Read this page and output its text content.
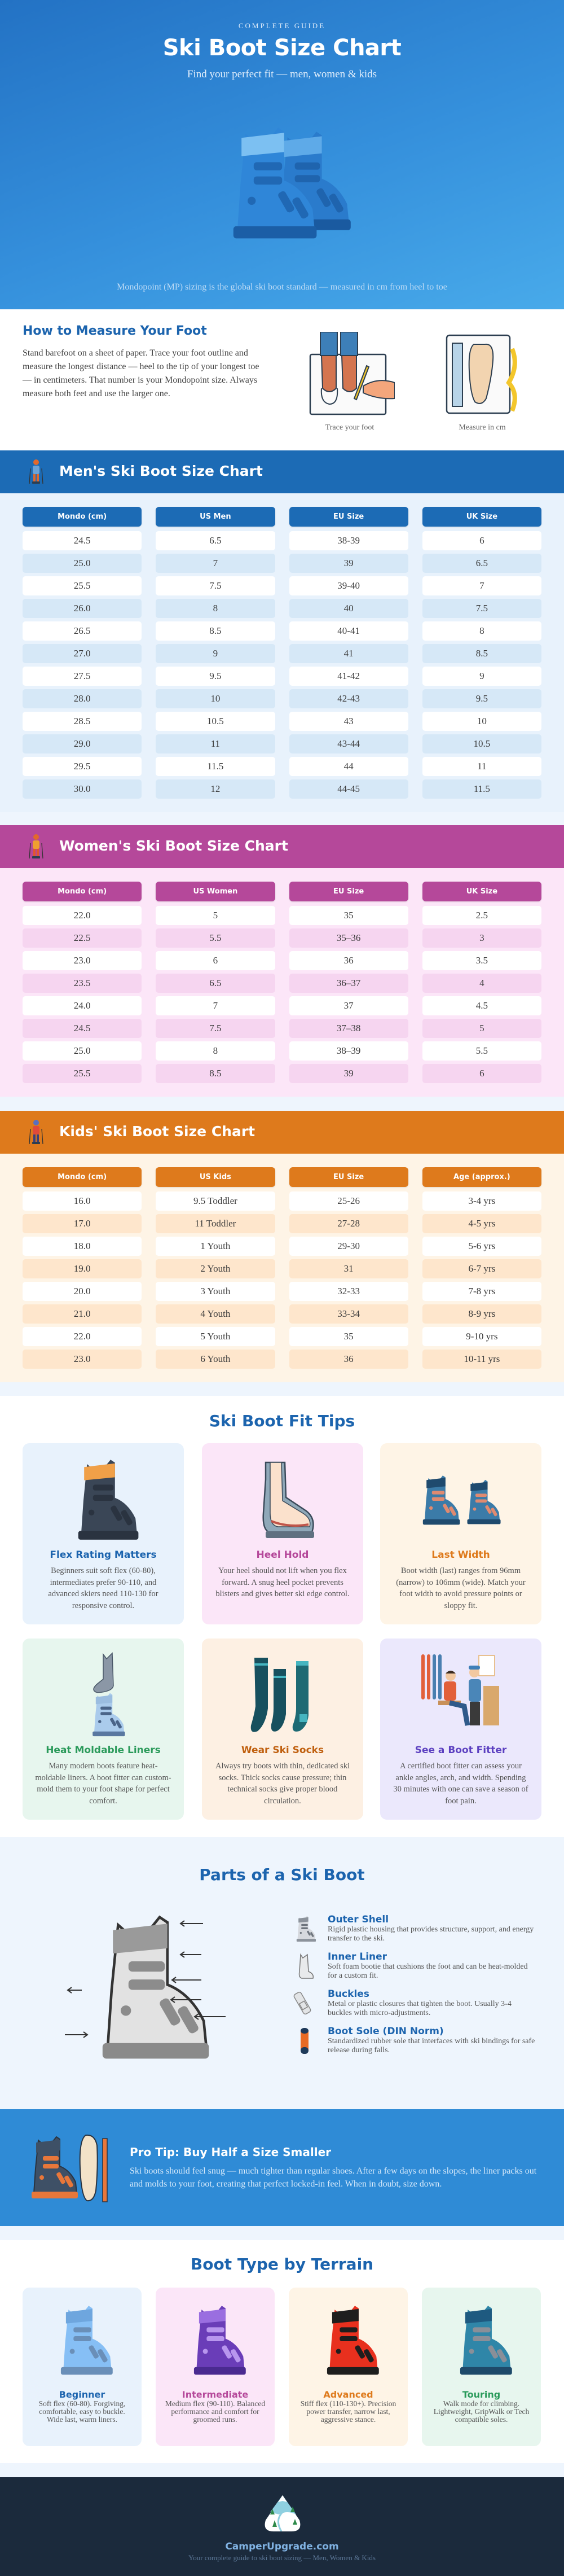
COMPLETE GUIDE
Ski Boot Size Chart
Find your perfect fit — men, women & kids
Mondopoint (MP) sizing is the global ski boot standard — measured in cm from heel to toe
How to Measure Your Foot

Stand barefoot on a sheet of paper. Trace your foot outline and measure the longest distance — heel to the tip of your longest toe — in centimeters. That number is your Mondopoint size. Always measure both feet and use the larger one.

Trace your foot	Measure in cm
Men's Ski Boot Size Chart
Mondo (cm)	US Men	EU Size	UK Size
24.5	6.5	38-39	6
25.0	7	39	6.5
25.5	7.5	39-40	7
26.0	8	40	7.5
26.5	8.5	40-41	8
27.0	9	41	8.5
27.5	9.5	41-42	9
28.0	10	42-43	9.5
28.5	10.5	43	10
29.0	11	43-44	10.5
29.5	11.5	44	11
30.0	12	44-45	11.5
Women's Ski Boot Size Chart
Mondo (cm)	US Women	EU Size	UK Size
22.0	5	35	2.5
22.5	5.5	35–36	3
23.0	6	36	3.5
23.5	6.5	36–37	4
24.0	7	37	4.5
24.5	7.5	37–38	5
25.0	8	38–39	5.5
25.5	8.5	39	6
Kids' Ski Boot Size Chart
Mondo (cm)	US Kids	EU Size	Age (approx.)
16.0	9.5 Toddler	25-26	3-4 yrs
17.0	11 Toddler	27-28	4-5 yrs
18.0	1 Youth	29-30	5-6 yrs
19.0	2 Youth	31	6-7 yrs
20.0	3 Youth	32-33	7-8 yrs
21.0	4 Youth	33-34	8-9 yrs
22.0	5 Youth	35	9-10 yrs
23.0	6 Youth	36	10-11 yrs
Ski Boot Fit Tips
Flex Rating Matters

Beginners suit soft flex (60-80), intermediates prefer 90-110, and advanced skiers need 110-130 for responsive control.

Heel Hold

Your heel should not lift when you flex forward. A snug heel pocket prevents blisters and gives better ski edge control.

Last Width

Boot width (last) ranges from 96mm (narrow) to 106mm (wide). Match your foot width to avoid pressure points or sloppy fit.

Heat Moldable Liners

Many modern boots feature heat-moldable liners. A boot fitter can custom-mold them to your foot shape for perfect comfort.

Wear Ski Socks

Always try boots with thin, dedicated ski socks. Thick socks cause pressure; thin technical socks give proper blood circulation.

See a Boot Fitter

A certified boot fitter can assess your ankle angles, arch, and width. Spending 30 minutes with one can save a season of foot pain.

Parts of a Ski Boot
Outer Shell

Rigid plastic housing that provides structure, support, and energy transfer to the ski.

Inner Liner

Soft foam bootie that cushions the foot and can be heat-molded for a custom fit.

Buckles

Metal or plastic closures that tighten the boot. Usually 3-4 buckles with micro-adjustments.

Boot Sole (DIN Norm)

Standardized rubber sole that interfaces with ski bindings for safe release during falls.

Pro Tip: Buy Half a Size Smaller

Ski boots should feel snug — much tighter than regular shoes. After a few days on the slopes, the liner packs out and molds to your foot, creating that perfect locked-in feel. When in doubt, size down.

Boot Type by Terrain
Beginner

Soft flex (60-80). Forgiving, comfortable, easy to buckle. Wide last, warm liners.

Intermediate

Medium flex (90-110). Balanced performance and comfort for groomed runs.

Advanced

Stiff flex (110-130+). Precision power transfer, narrow last, aggressive stance.

Touring

Walk mode for climbing. Lightweight, GripWalk or Tech compatible soles.

CamperUpgrade.com
Your complete guide to ski boot sizing — Men, Women & Kids
